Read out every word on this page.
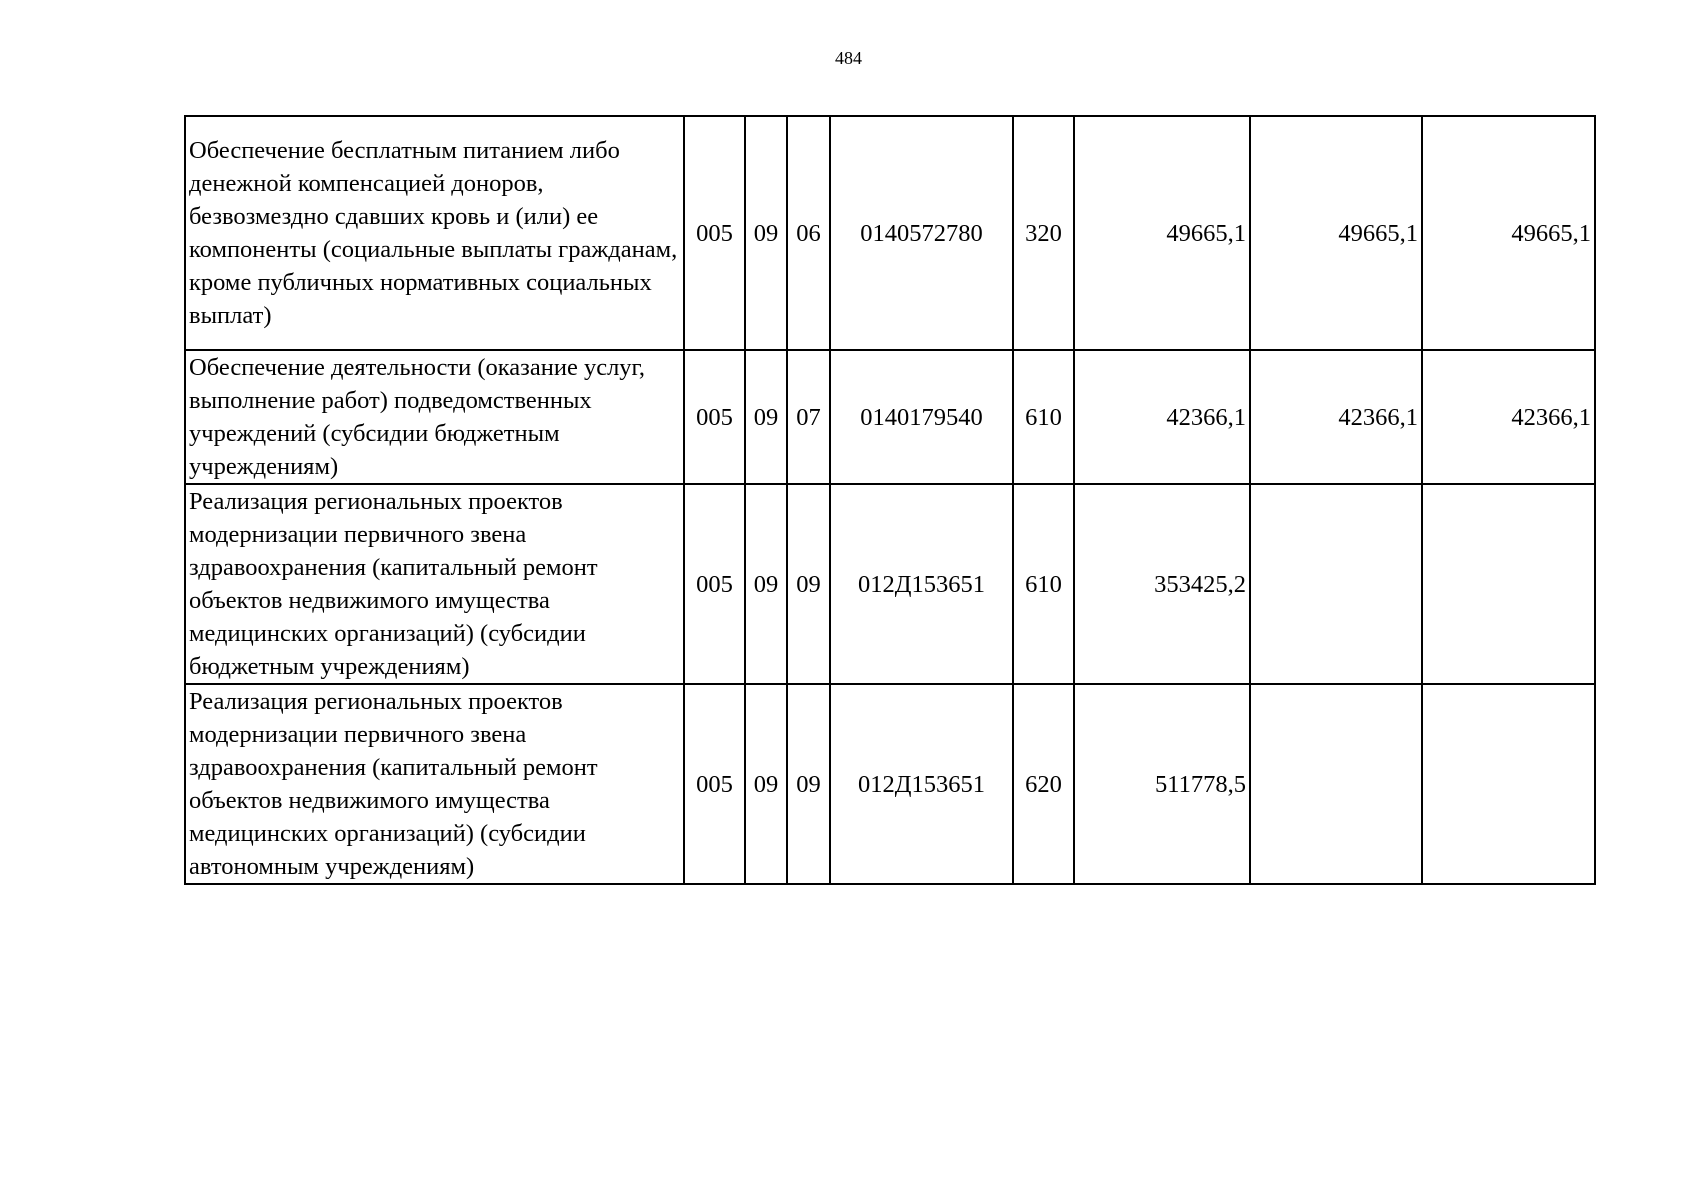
484
Обеспечение бесплатным питанием либо денежной компенсацией доноров, безвозмездно сдавших кровь и (или) ее компоненты (социальные выплаты гражданам, кроме публичных нормативных социальных выплат)	005	09	06	0140572780	320	49665,1	49665,1	49665,1
Обеспечение деятельности (оказание услуг, выполнение работ) подведомственных учреждений (субсидии бюджетным учреждениям)	005	09	07	0140179540	610	42366,1	42366,1	42366,1
Реализация региональных проектов модернизации первичного звена здравоохранения (капитальный ремонт объектов недвижимого имущества медицинских организаций) (субсидии бюджетным учреждениям)	005	09	09	012Д153651	610	353425,2		
Реализация региональных проектов модернизации первичного звена здравоохранения (капитальный ремонт объектов недвижимого имущества медицинских организаций) (субсидии автономным учреждениям)	005	09	09	012Д153651	620	511778,5		
